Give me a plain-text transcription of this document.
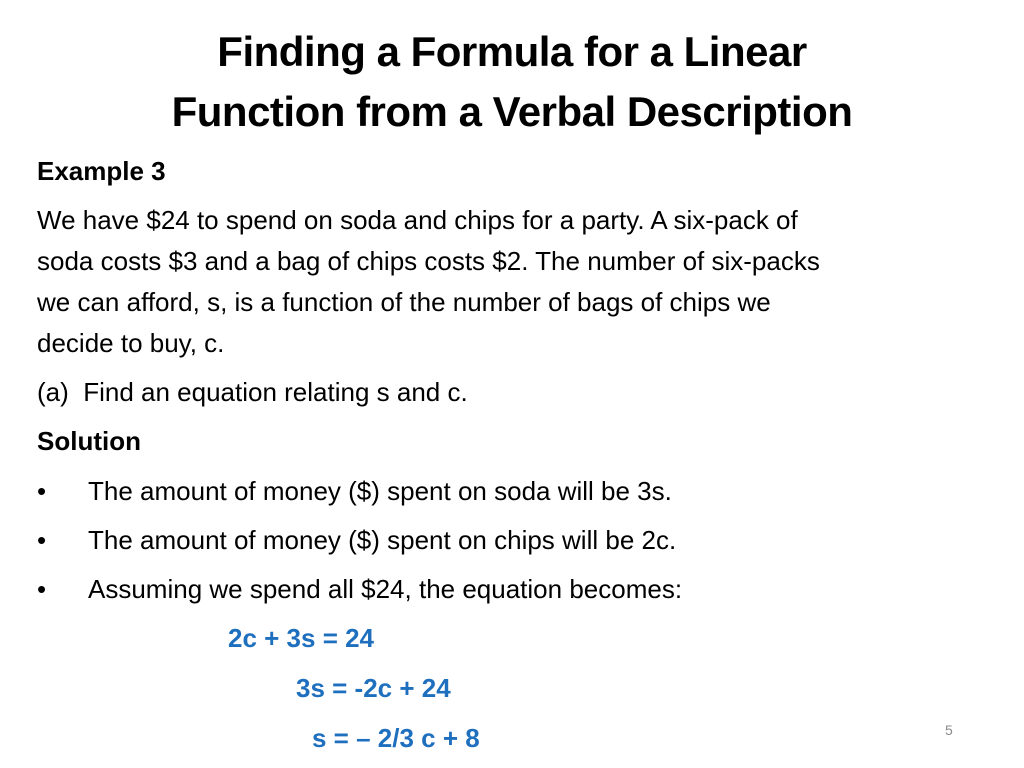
Finding a Formula for a Linear
Function from a Verbal Description
Example 3
We have $24 to spend on soda and chips for a party. A six-pack of
soda costs $3 and a bag of chips costs $2. The number of six-packs
we can afford, s, is a function of the number of bags of chips we
decide to buy, c.
(a)  Find an equation relating s and c.
Solution
• The amount of money ($) spent on soda will be 3s.
• The amount of money ($) spent on chips will be 2c.
• Assuming we spend all $24, the equation becomes:
2c + 3s = 24
3s = -2c + 24
s = – 2/3 c + 8	5
